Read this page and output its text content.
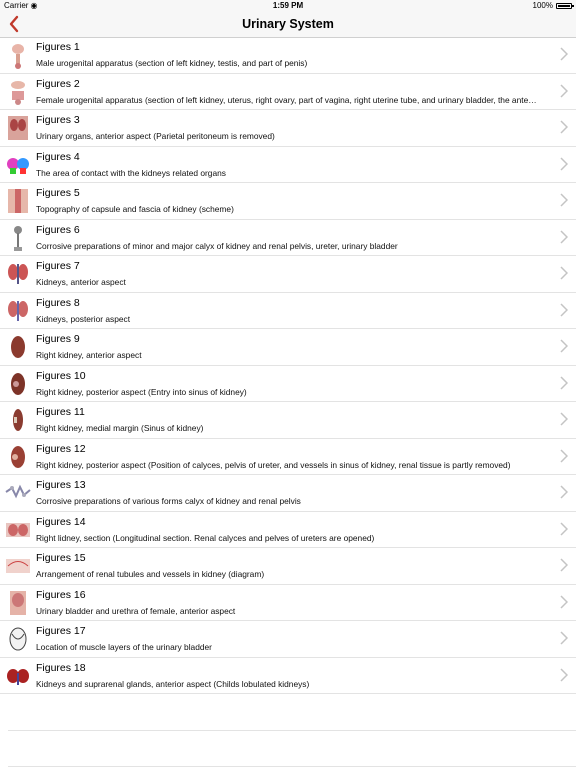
Carrier ◉	1:59 PM	100%
Urinary System
Figures 1
Male urogenital apparatus (section of left kidney, testis, and part of penis)
Figures 2
Female urogenital apparatus (section of left kidney, uterus, right ovary, part of vagina, right uterine tube, and urinary bladder, the ante…
Figures 3
Urinary organs, anterior aspect (Parietal peritoneum is removed)
Figures 4
The area of contact with the kidneys related organs
Figures 5
Topography of capsule and fascia of kidney (scheme)
Figures 6
Corrosive preparations of minor and major calyx of kidney and renal pelvis, ureter, urinary bladder
Figures 7
Kidneys, anterior aspect
Figures 8
Kidneys, posterior aspect
Figures 9
Right kidney, anterior aspect
Figures 10
Right kidney, posterior aspect (Entry into sinus of kidney)
Figures 11
Right kidney, medial margin (Sinus of kidney)
Figures 12
Right kidney, posterior aspect (Position of calyces, pelvis of ureter, and vessels in sinus of kidney, renal tissue is partly removed)
Figures 13
Corrosive preparations of various forms calyx of kidney and renal pelvis
Figures 14
Right lidney, section (Longitudinal section. Renal calyces and pelves of ureters are opened)
Figures 15
Arrangement of renal tubules and vessels in kidney (diagram)
Figures 16
Urinary bladder and urethra of female, anterior aspect
Figures 17
Location of muscle layers of the urinary bladder
Figures 18
Kidneys and suprarenal glands, anterior aspect (Childs lobulated kidneys)
